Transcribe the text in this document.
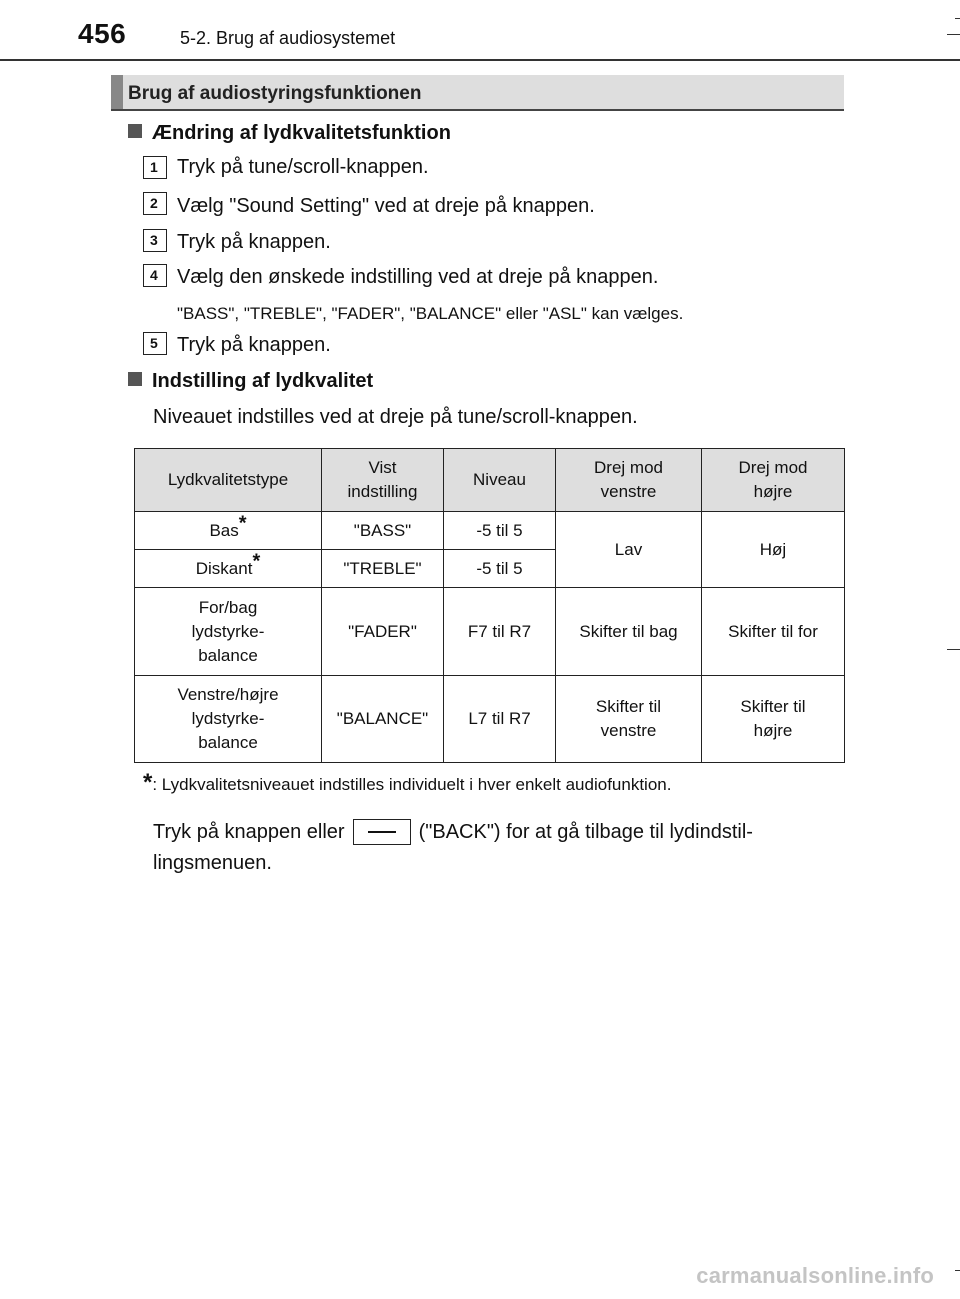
456	5-2. Brug af audiosystemet
Brug af audiostyringsfunktionen
Ændring af lydkvalitetsfunktion
1 Tryk på tune/scroll-knappen.
2 Vælg "Sound Setting" ved at dreje på knappen.
3 Tryk på knappen.
4 Vælg den ønskede indstilling ved at dreje på knappen.
"BASS", "TREBLE", "FADER", "BALANCE" eller "ASL" kan vælges.
5 Tryk på knappen.
Indstilling af lydkvalitet
Niveauet indstilles ved at dreje på tune/scroll-knappen.
Lydkvalitetstype	Vist indstilling	Niveau	Drej mod venstre	Drej mod højre

Bas*	"BASS"	-5 til 5	Lav	Høj
Diskant*	"TREBLE"	-5 til 5		

For/bag lydstyrke-balance	"FADER"	F7 til R7	Skifter til bag	Skifter til for

Venstre/højre lydstyrke-balance	"BALANCE"	L7 til R7	Skifter til venstre	Skifter til højre
*: Lydkvalitetsniveauet indstilles individuelt i hver enkelt audiofunktion.
Tryk på knappen eller	("BACK") for at gå tilbage til lydindstil-
lingsmenuen.
carmanualsonline.info
